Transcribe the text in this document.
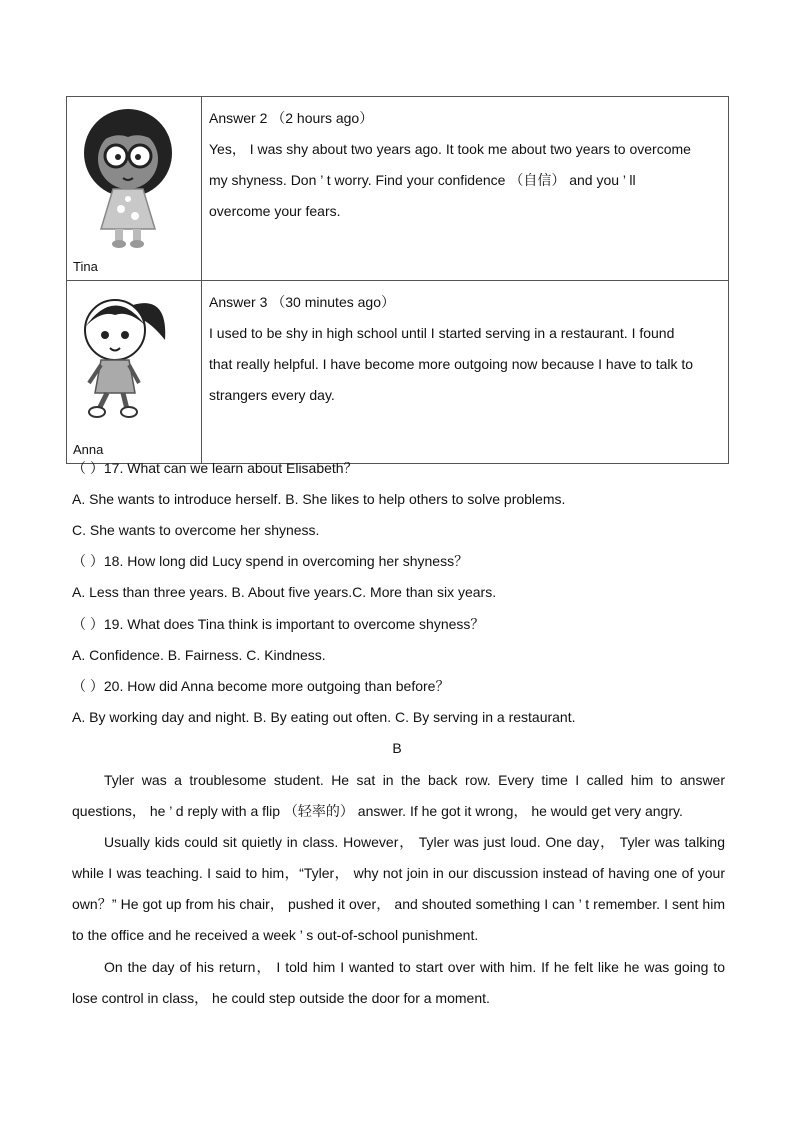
Tina	Answer 2 （2 hours ago）
Yes， I was shy about two years ago. It took me about two years to overcome
my shyness. Don ’ t worry. Find your confidence （自信） and you ’ ll
overcome your fears.

Anna	Answer 3 （30 minutes ago）
I used to be shy in high school until I started serving in a restaurant. I found
that really helpful. I have become more outgoing now because I have to talk to
strangers every day.
（ ）17. What can we learn about Elisabeth？
A. She wants to introduce herself. B. She likes to help others to solve problems.
C. She wants to overcome her shyness.
（ ）18. How long did Lucy spend in overcoming her shyness？
A. Less than three years. B. About five years.C. More than six years.
（ ）19. What does Tina think is important to overcome shyness？
A. Confidence. B. Fairness. C. Kindness.
（ ）20. How did Anna become more outgoing than before？
A. By working day and night. B. By eating out often. C. By serving in a restaurant.
B
Tyler was a troublesome student. He sat in the back row. Every time I called him to answer questions， he ’ d reply with a flip （轻率的） answer. If he got it wrong， he would get very angry.
Usually kids could sit quietly in class. However， Tyler was just loud. One day， Tyler was talking while I was teaching. I said to him，“Tyler， why not join in our discussion instead of having one of your own？” He got up from his chair， pushed it over， and shouted something I can ’ t remember. I sent him to the office and he received a week ’ s out-of-school punishment.
On the day of his return， I told him I wanted to start over with him. If he felt like he was going to lose control in class， he could step outside the door for a moment.
